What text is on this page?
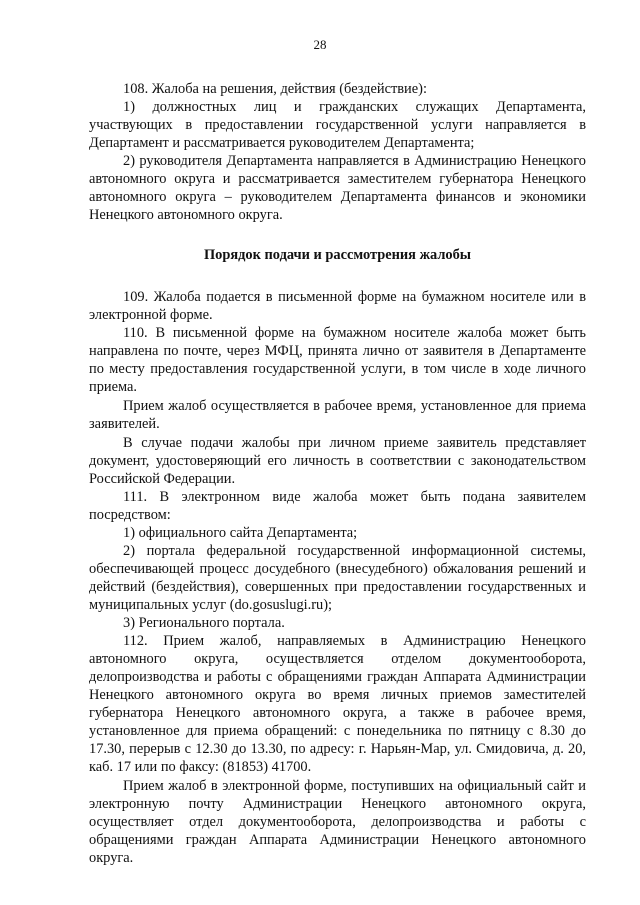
28

108. Жалоба на решения, действия (бездействие):

1) должностных лиц и гражданских служащих Департамента, участвующих в предоставлении государственной услуги направляется в Департамент и рассматривается руководителем Департамента;

2) руководителя Департамента направляется в Администрацию Ненецкого автономного округа и рассматривается заместителем губернатора Ненецкого автономного округа – руководителем Департамента финансов и экономики Ненецкого автономного округа.

Порядок подачи и рассмотрения жалобы

109. Жалоба подается в письменной форме на бумажном носителе или в электронной форме.

110. В письменной форме на бумажном носителе жалоба может быть направлена по почте, через МФЦ, принята лично от заявителя в Департаменте по месту предоставления государственной услуги, в том числе в ходе личного приема.

Прием жалоб осуществляется в рабочее время, установленное для приема заявителей.

В случае подачи жалобы при личном приеме заявитель представляет документ, удостоверяющий его личность в соответствии с законодательством Российской Федерации.

111. В электронном виде жалоба может быть подана заявителем посредством:

1) официального сайта Департамента;

2) портала федеральной государственной информационной системы, обеспечивающей процесс досудебного (внесудебного) обжалования решений и действий (бездействия), совершенных при предоставлении государственных и муниципальных услуг (do.gosuslugi.ru);

3) Регионального портала.

112. Прием жалоб, направляемых в Администрацию Ненецкого автономного округа, осуществляется отделом документооборота, делопроизводства и работы с обращениями граждан Аппарата Администрации Ненецкого автономного округа во время личных приемов заместителей губернатора Ненецкого автономного округа, а также в рабочее время, установленное для приема обращений: с понедельника по пятницу с 8.30 до 17.30, перерыв с 12.30 до 13.30, по адресу: г. Нарьян-Мар, ул. Смидовича, д. 20, каб. 17 или по факсу: (81853) 41700.

Прием жалоб в электронной форме, поступивших на официальный сайт и электронную почту Администрации Ненецкого автономного округа, осуществляет отдел документооборота, делопроизводства и работы с обращениями граждан Аппарата Администрации Ненецкого автономного округа.
